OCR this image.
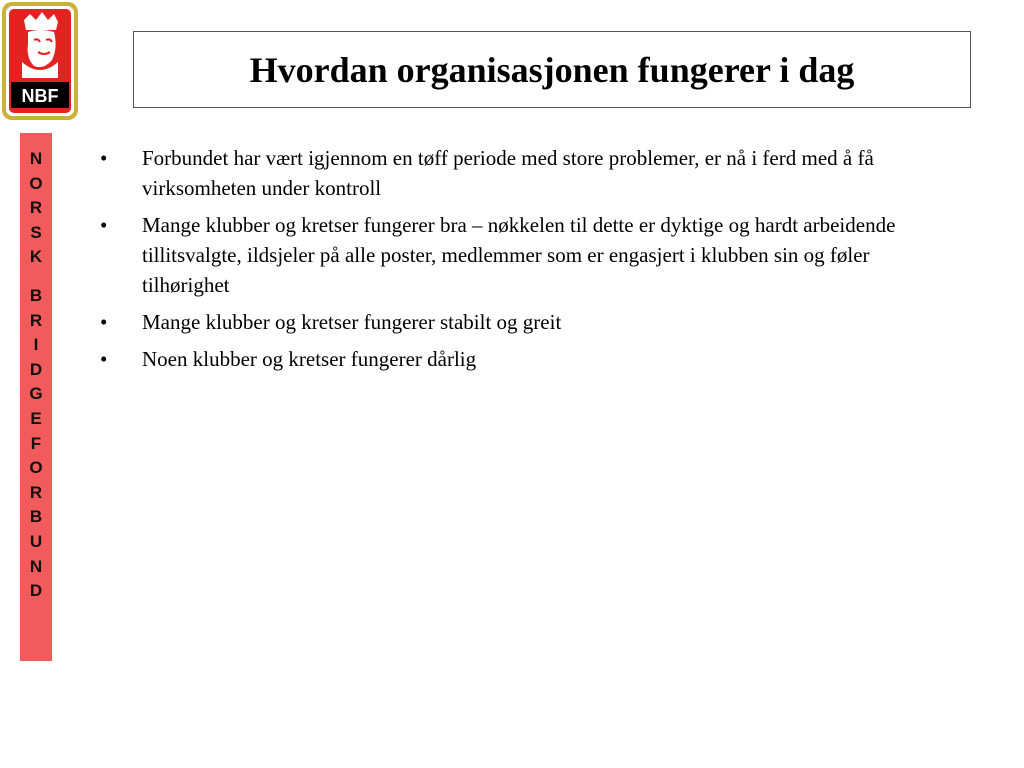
NBF
Hvordan organisasjonen fungerer i dag
N
O
R
S
K
B
R
I
D
G
E
F
O
R
B
U
N
D
• Forbundet har vært igjennom en tøff periode med store problemer, er nå i ferd med å få virksomheten under kontroll
• Mange klubber og kretser fungerer bra – nøkkelen til dette er dyktige og hardt arbeidende tillitsvalgte, ildsjeler på alle poster, medlemmer som er engasjert i klubben sin og føler tilhørighet
• Mange klubber og kretser fungerer stabilt og greit
• Noen klubber og kretser fungerer dårlig
